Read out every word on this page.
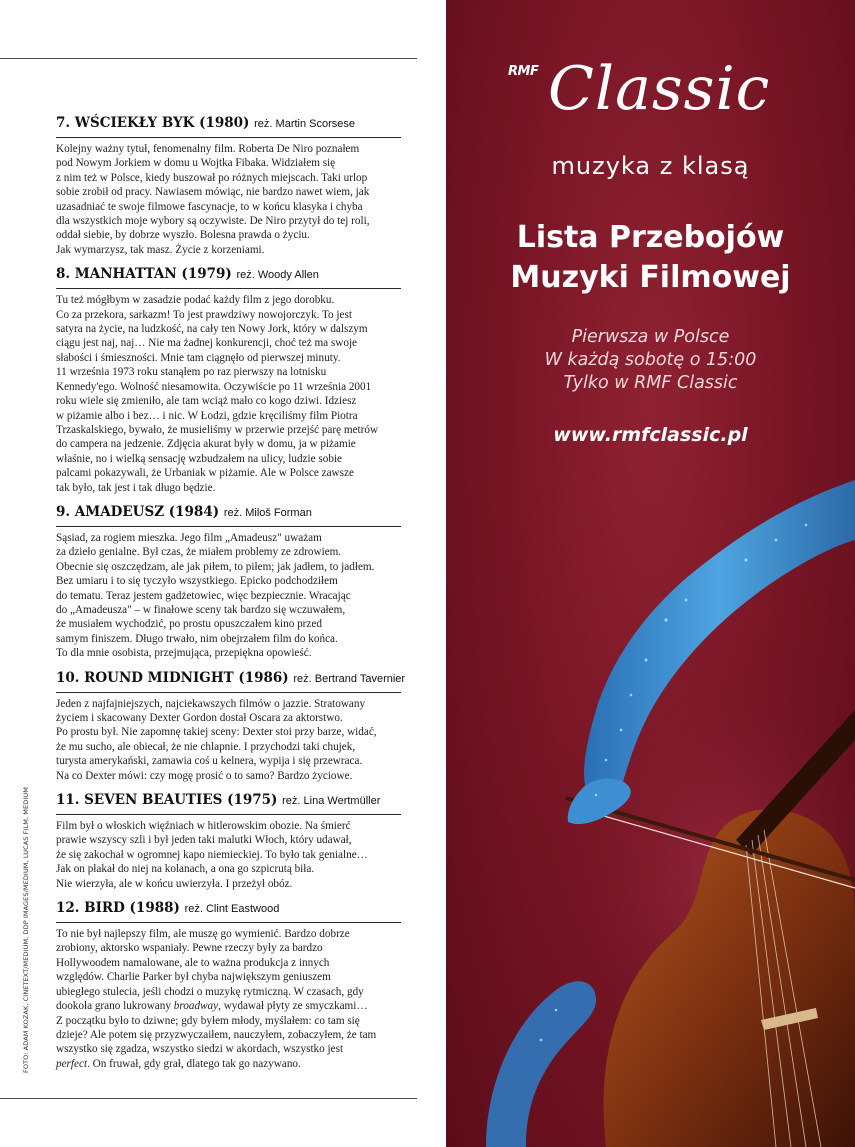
FOTO: ADAM KOZAK, CINETEXT/MEDIUM, DDP IMAGES/MEDIUM, LUCAS FILM, MEDIUM
7. WŚCIEKŁY BYK (1980) reż. Martin Scorsese
Kolejny ważny tytuł, fenomenalny film. Roberta De Niro poznałem
pod Nowym Jorkiem w domu u Wojtka Fibaka. Widziałem się
z nim też w Polsce, kiedy buszował po różnych miejscach. Taki urlop
sobie zrobił od pracy. Nawiasem mówiąc, nie bardzo nawet wiem, jak
uzasadniać te swoje filmowe fascynacje, to w końcu klasyka i chyba
dla wszystkich moje wybory są oczywiste. De Niro przytył do tej roli,
oddał siebie, by dobrze wyszło. Bolesna prawda o życiu.
Jak wymarzysz, tak masz. Życie z korzeniami.
8. MANHATTAN (1979) reż. Woody Allen
Tu też mógłbym w zasadzie podać każdy film z jego dorobku.
Co za przekora, sarkazm! To jest prawdziwy nowojorczyk. To jest
satyra na życie, na ludzkość, na cały ten Nowy Jork, który w dalszym
ciągu jest naj, naj… Nie ma żadnej konkurencji, choć też ma swoje
słabości i śmieszności. Mnie tam ciągnęło od pierwszej minuty.
11 września 1973 roku stanąłem po raz pierwszy na lotnisku
Kennedy'ego. Wolność niesamowita. Oczywiście po 11 września 2001
roku wiele się zmieniło, ale tam wciąż mało co kogo dziwi. Idziesz
w piżamie albo i bez… i nic. W Łodzi, gdzie kręciliśmy film Piotra
Trzaskalskiego, bywało, że musieliśmy w przerwie przejść parę metrów
do campera na jedzenie. Zdjęcia akurat były w domu, ja w piżamie
właśnie, no i wielką sensację wzbudzałem na ulicy, ludzie sobie
palcami pokazywali, że Urbaniak w piżamie. Ale w Polsce zawsze
tak było, tak jest i tak długo będzie.
9. AMADEUSZ (1984) reż. Miloš Forman
Sąsiad, za rogiem mieszka. Jego film „Amadeusz" uważam
za dzieło genialne. Był czas, że miałem problemy ze zdrowiem.
Obecnie się oszczędzam, ale jak piłem, to piłem; jak jadłem, to jadłem.
Bez umiaru i to się tyczyło wszystkiego. Epicko podchodziłem
do tematu. Teraz jestem gadżetowiec, więc bezpiecznie. Wracając
do „Amadeusza" – w finałowe sceny tak bardzo się wczuwałem,
że musiałem wychodzić, po prostu opuszczałem kino przed
samym finiszem. Długo trwało, nim obejrzałem film do końca.
To dla mnie osobista, przejmująca, przepiękna opowieść.
10. ROUND MIDNIGHT (1986) reż. Bertrand Tavernier
Jeden z najfajniejszych, najciekawszych filmów o jazzie. Stratowany
życiem i skacowany Dexter Gordon dostał Oscara za aktorstwo.
Po prostu był. Nie zapomnę takiej sceny: Dexter stoi przy barze, widać,
że mu sucho, ale obiecał, że nie chlapnie. I przychodzi taki chujek,
turysta amerykański, zamawia coś u kelnera, wypija i się przewraca.
Na co Dexter mówi: czy mogę prosić o to samo? Bardzo życiowe.
11. SEVEN BEAUTIES (1975) reż. Lina Wertmüller
Film był o włoskich więźniach w hitlerowskim obozie. Na śmierć
prawie wszyscy szli i był jeden taki malutki Włoch, który udawał,
że się zakochał w ogromnej kapo niemieckiej. To było tak genialne…
Jak on płakał do niej na kolanach, a ona go szpicrutą biła.
Nie wierzyła, ale w końcu uwierzyła. I przeżył obóz.
12. BIRD (1988) reż. Clint Eastwood
To nie był najlepszy film, ale muszę go wymienić. Bardzo dobrze
zrobiony, aktorsko wspaniały. Pewne rzeczy były za bardzo
Hollywoodem namalowane, ale to ważna produkcja z innych
względów. Charlie Parker był chyba największym geniuszem
ubiegłego stulecia, jeśli chodzi o muzykę rytmiczną. W czasach, gdy
dookoła grano lukrowany broadway, wydawał płyty ze smyczkami…
Z początku było to dziwne; gdy byłem młody, myślałem: co tam się
dzieje? Ale potem się przyzwyczaiłem, nauczyłem, zobaczyłem, że tam
wszystko się zgadza, wszystko siedzi w akordach, wszystko jest
perfect. On fruwał, gdy grał, dlatego tak go nazywano.
RMF Classic
muzyka z klasą
Lista Przebojów
Muzyki Filmowej
Pierwsza w Polsce
W każdą sobotę o 15:00
Tylko w RMF Classic
www.rmfclassic.pl
